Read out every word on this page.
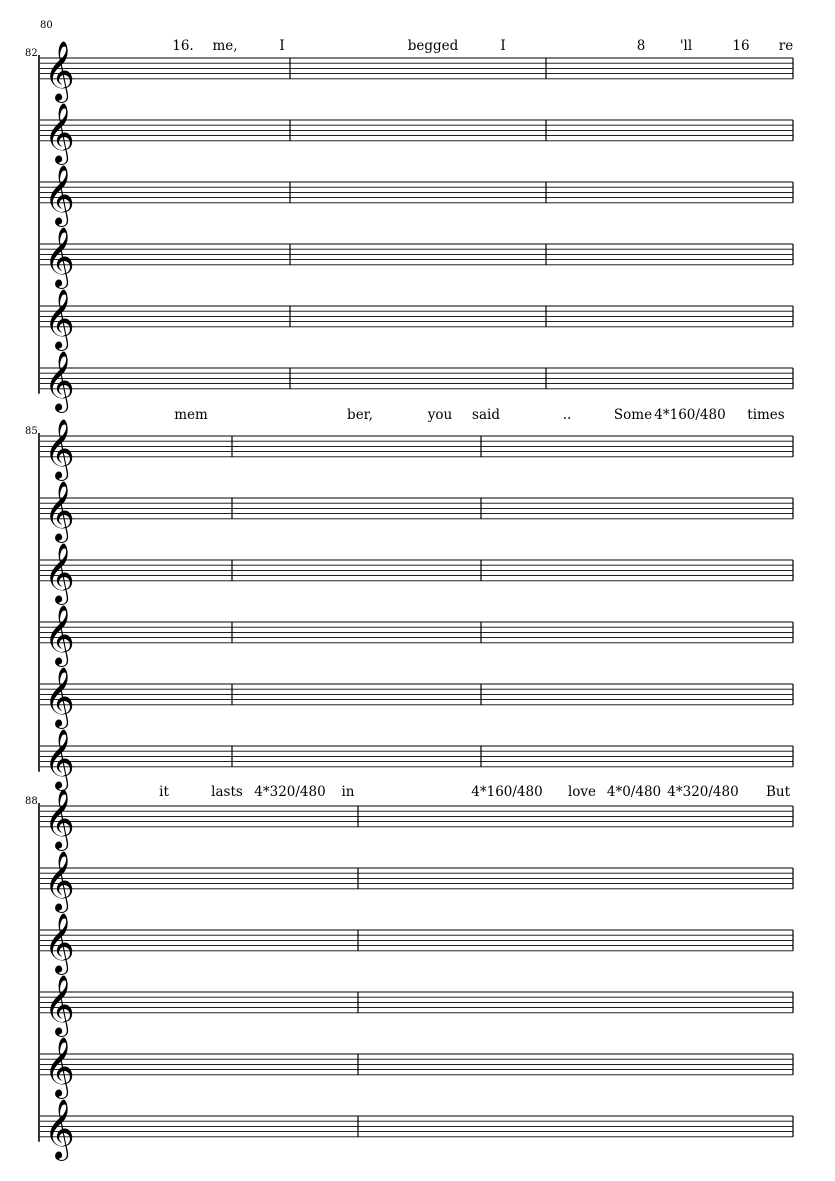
80
82	16. me,	I	begged	I	8	'll	16 re
𝄞
𝄞
𝄞
𝄞
𝄞
𝄞
85
mem	ber,	you said	..	Some 4*160/480 times
𝄞
𝄞
𝄞
𝄞
𝄞
𝄞
88
it	lasts 4*320/480 in	4*160/480 love 4*0/480 4*320/480 But
𝄞
𝄞
𝄞
𝄞
𝄞
𝄞
